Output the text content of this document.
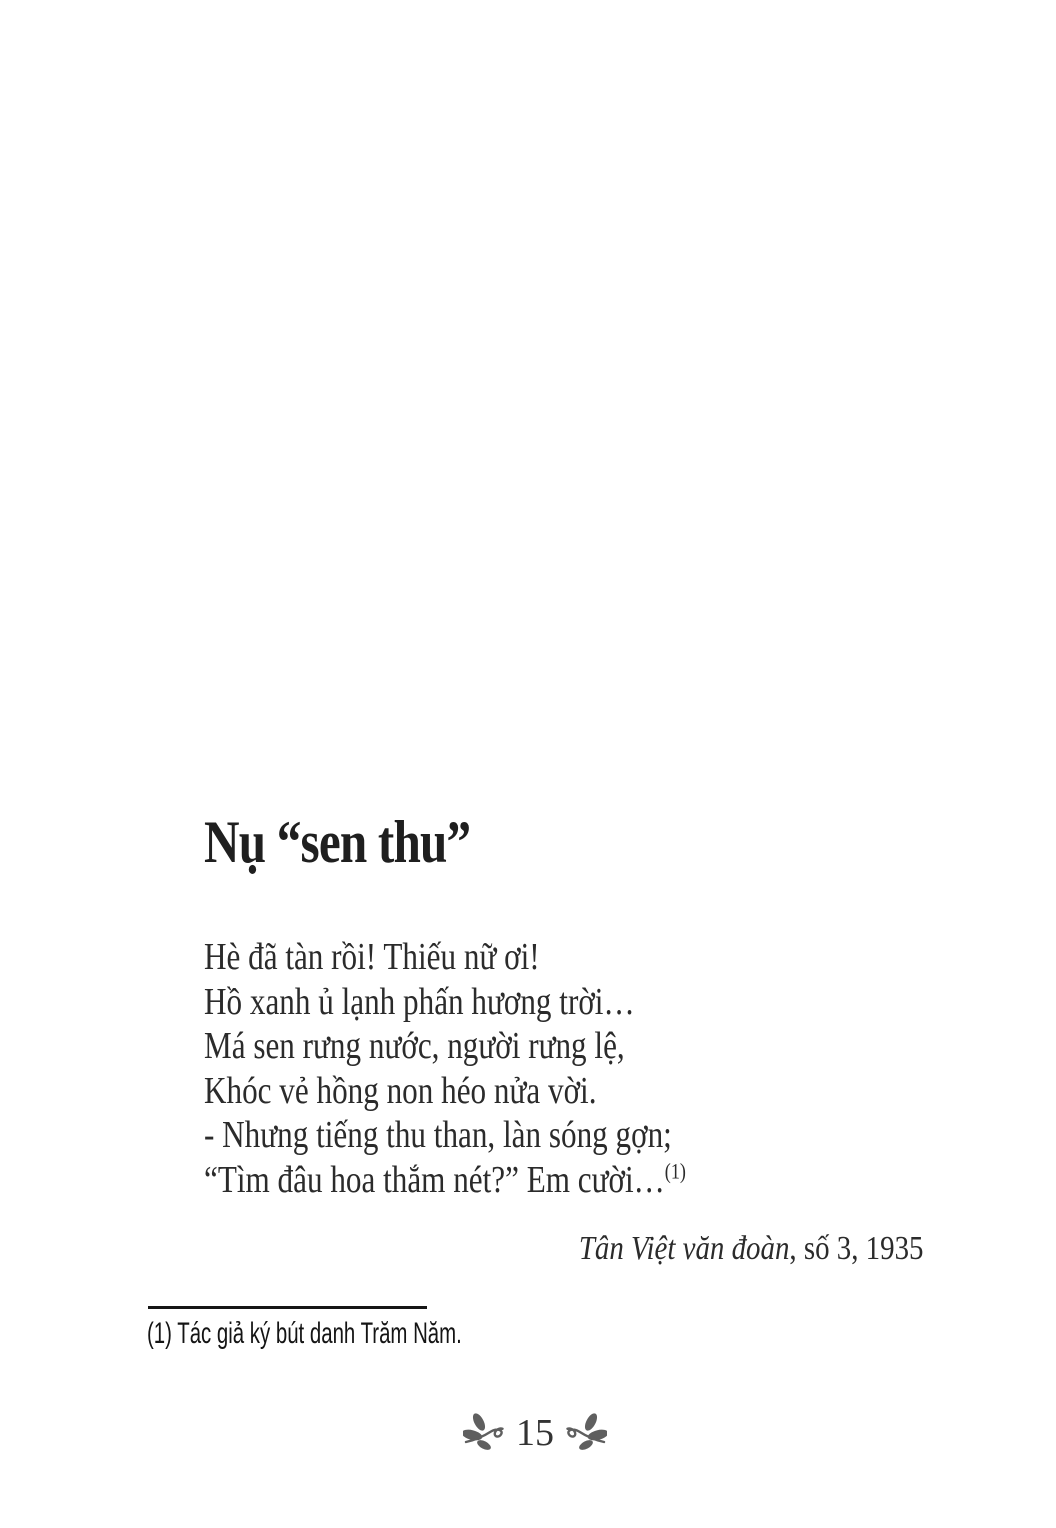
Nụ “sen thu”
Hè đã tàn rồi! Thiếu nữ ơi!
Hồ xanh ủ lạnh phấn hương trời…
Má sen rưng nước, người rưng lệ,
Khóc vẻ hồng non héo nửa vời.
- Nhưng tiếng thu than, làn sóng gợn;
“Tìm đâu hoa thắm nét?” Em cười…$^{(1)}$
Tân Việt văn đoàn, số 3, 1935
(1) Tác giả ký bút danh Trăm Năm.
15
